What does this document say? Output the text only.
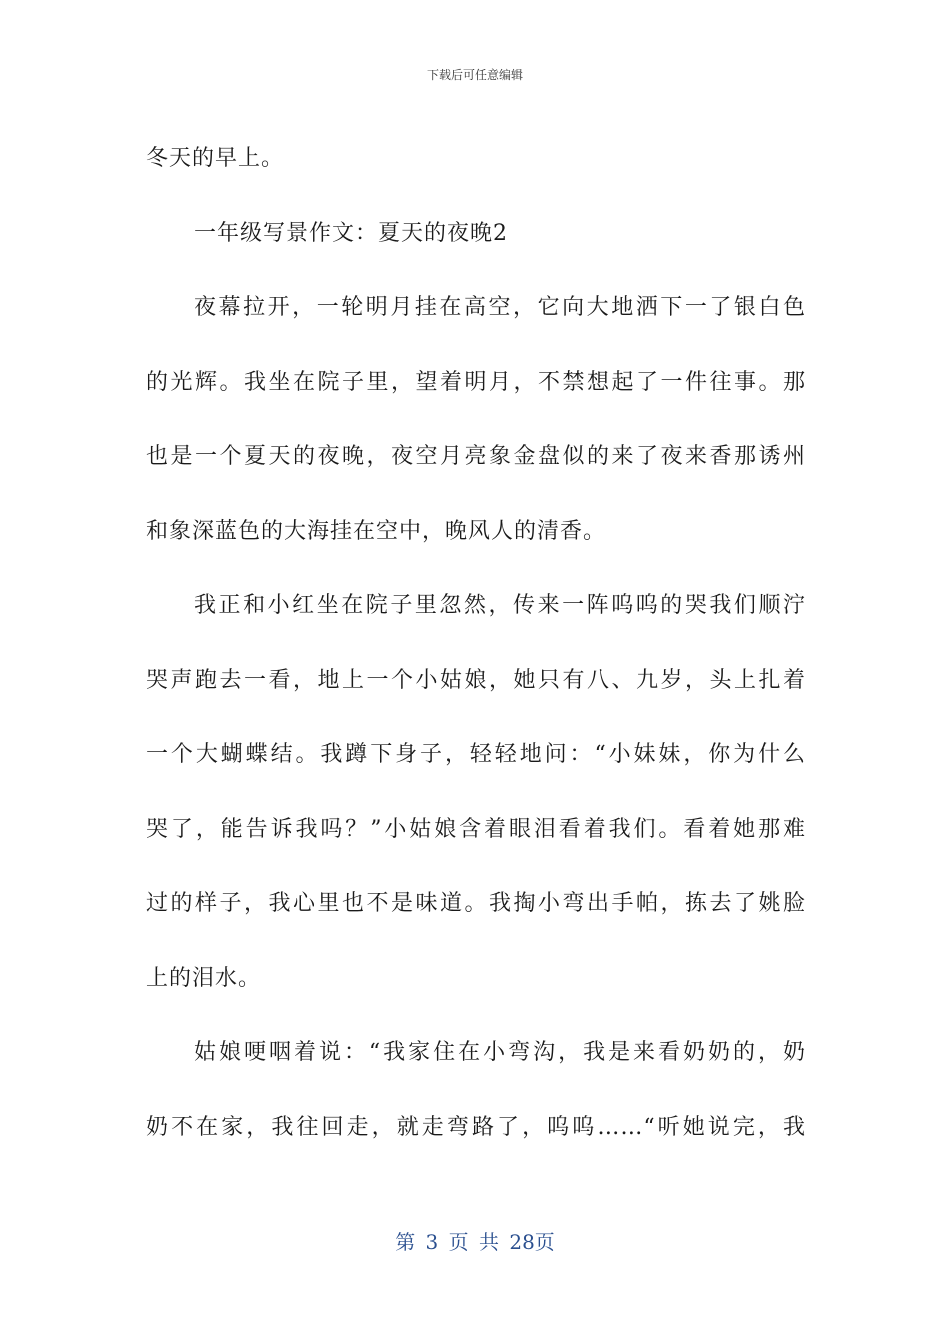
下载后可任意编辑
冬天的早上。
一年级写景作文：夏天的夜晚2
夜幕拉开，一轮明月挂在高空，它向大地洒下一了银白色
的光辉。我坐在院子里，望着明月，不禁想起了一件往事。那
也是一个夏天的夜晚，夜空月亮象金盘似的来了夜来香那诱州
和象深蓝色的大海挂在空中，晚风人的清香。
我正和小红坐在院子里忽然，传来一阵呜呜的哭我们顺泞
哭声跑去一看，地上一个小姑娘，她只有八、九岁，头上扎着
一个大蝴蝶结。我蹲下身子，轻轻地问：“小妹妹，你为什么
哭了，能告诉我吗？”小姑娘含着眼泪看着我们。看着她那难
过的样子，我心里也不是味道。我掏小弯出手帕，拣去了姚脸
上的泪水。
姑娘哽咽着说：“我家住在小弯沟，我是来看奶奶的，奶
奶不在家，我往回走，就走弯路了，呜呜……“听她说完，我
第 3 页 共 28页
